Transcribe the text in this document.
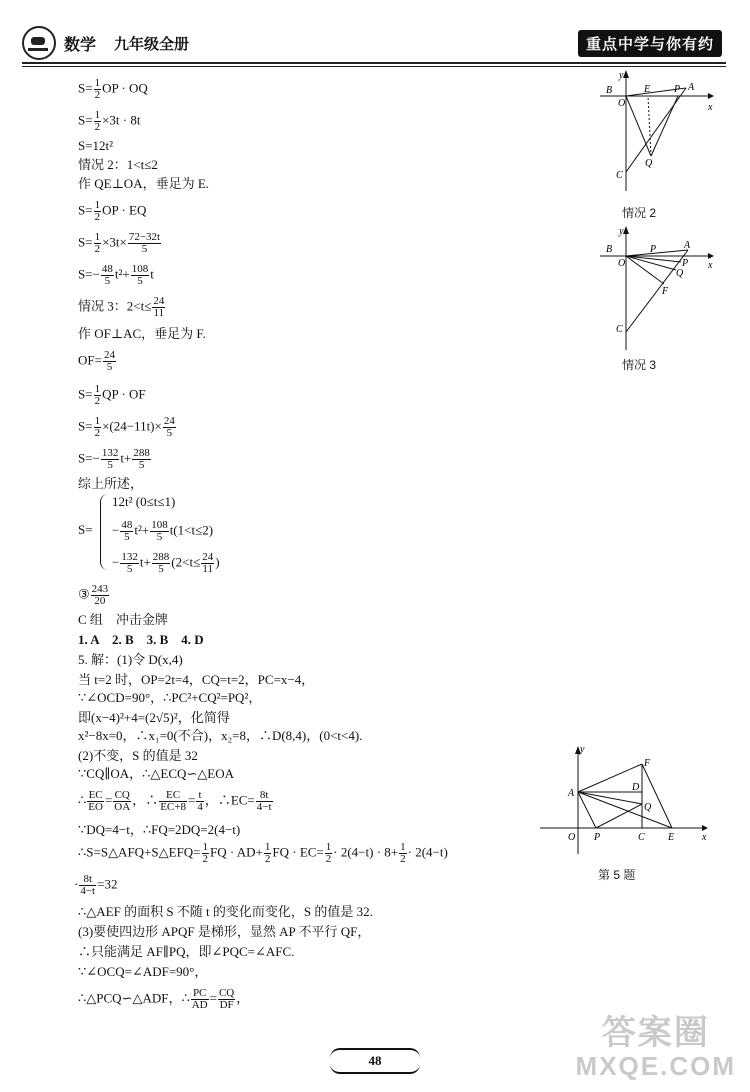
数学 九年级全册	重点中学与你有约
$S= \frac{1}{2}$ OP · OQ
$S= \frac{1}{2} \times 3t \cdot 8t$
S=12t²
情况 2：1<t≤2
作 QE⊥OA，垂足为 E.
$S= \frac{1}{2}$ OP · EQ
$S= \frac{1}{2} \times 3t\times \frac{72-32t}{5}$
$S=- \frac{48}{5} t^2+ \frac{108}{5}$ t
情况 3：$2<t\le \frac{24}{11}$
作 OF⊥AC，垂足为 F.
$OF= \frac{24}{5}$
$S= \frac{1}{2}$ QP · OF
$S= \frac{1}{2} \times(24-11t)\times \frac{24}{5}$
$S=- \frac{132}{5} t+ \frac{288}{5}$
综上所述，
S=
12t² (0≤t≤1)
− $\frac{48}{5} t^2+ \frac{108}{5} t(1<t\le 2)$
− $\frac{132}{5} t+ \frac{288}{5} (2<t\le \frac{24}{11}$ )
③ $\frac{243}{20}$
C 组　冲击金牌
1. A　2. B　3. B　4. D
5. 解：(1)令 D(x,4)
当 t=2 时，OP=2t=4，CQ=t=2，PC=x−4，
∵∠OCD=90°，∴PC²+CQ²=PQ²，
即(x−4)²+4=(2√5)²，化简得
x²−8x=0，∴x₁=0(不合)，x₂=8，∴D(8,4)，(0<t<4).
(2)不变，S 的值是 32
∵CQ∥OA，∴△ECQ∽△EOA
∴ $\frac{EC}{EO} = \frac{CQ}{OA}$ ，∴ $\frac{EC}{EC+8} = \frac{t}{4}$ ，∴EC= $\frac{8t}{4-t}$
∵DQ=4−t，∴FQ=2DQ=2(4−t)
∴S=S△AFQ+S△EFQ= $\frac{1}{2}$ FQ · $AD+ \frac{1}{2}$ FQ · $EC= \frac{1}{2} \cdot 2(4-t) \cdot 8+ \frac{1}{2} \cdot 2(4-t)$
· $\frac{8t}{4-t} =32$
∴△AEF 的面积 S 不随 t 的变化而变化，S 的值是 32.
(3)要使四边形 APQF 是梯形，显然 AP 不平行 QF，
∴只能满足 AF∥PQ，即∠PQC=∠AFC.
∵∠OCQ=∠ADF=90°，
∴△PCQ∽△ADF，∴ $\frac{PC}{AD} = \frac{CQ}{DF}$ ，
y
x
B
O
E P A
Q
C
情况 2
y
x
B
O
P	A
P
Q
F
C
情况 3
y
x
A
F
D
Q
O P	C E
第 5 题
48
答案圈
MXQE.COM
